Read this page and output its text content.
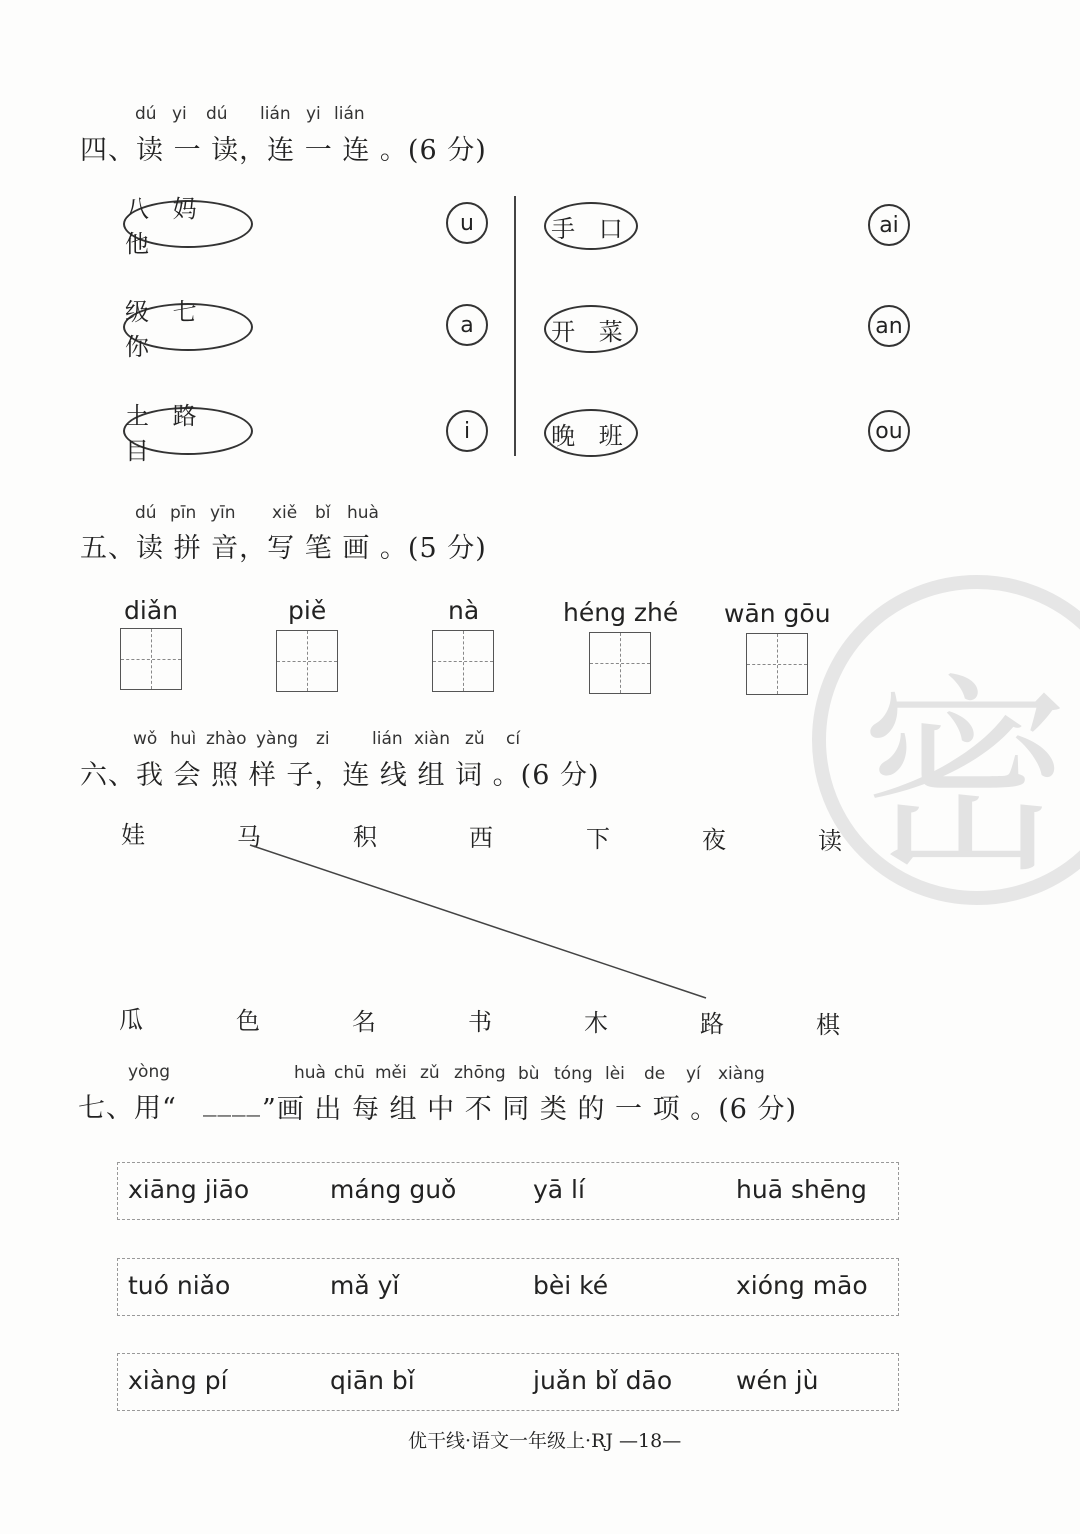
密
dú yi dú lián yi lián
四、读 一 读，连 一 连 。(6 分)
八 妈 他
级 七 你
土 路 目
u
a
i
手 口
开 菜
晚 班
ai
an
ou
dú pīn yīn xiě bǐ huà
五、读 拼 音，写 笔 画 。(5 分)
diǎn	piě	nà	héng zhé wān gōu
wǒ huì zhào yàng zi lián xiàn zǔ cí
六、我 会 照 样 子，连 线 组 词 。(6 分)
娃	马	积	西	下	夜	读
瓜	色	名	书	木	路	棋
yòng	huà chū měi zǔ zhōng bù tóng lèi de yí xiàng
七、用“ ____ ”画 出 每 组 中 不 同 类 的 一 项 。(6 分)
xiāng jiāo	máng guǒ	yā lí	huā shēng
tuó niǎo	mǎ yǐ	bèi ké	xióng māo
xiàng pí	qiān bǐ	juǎn bǐ dāo	wén jù
优干线·语文一年级上·RJ —18—
